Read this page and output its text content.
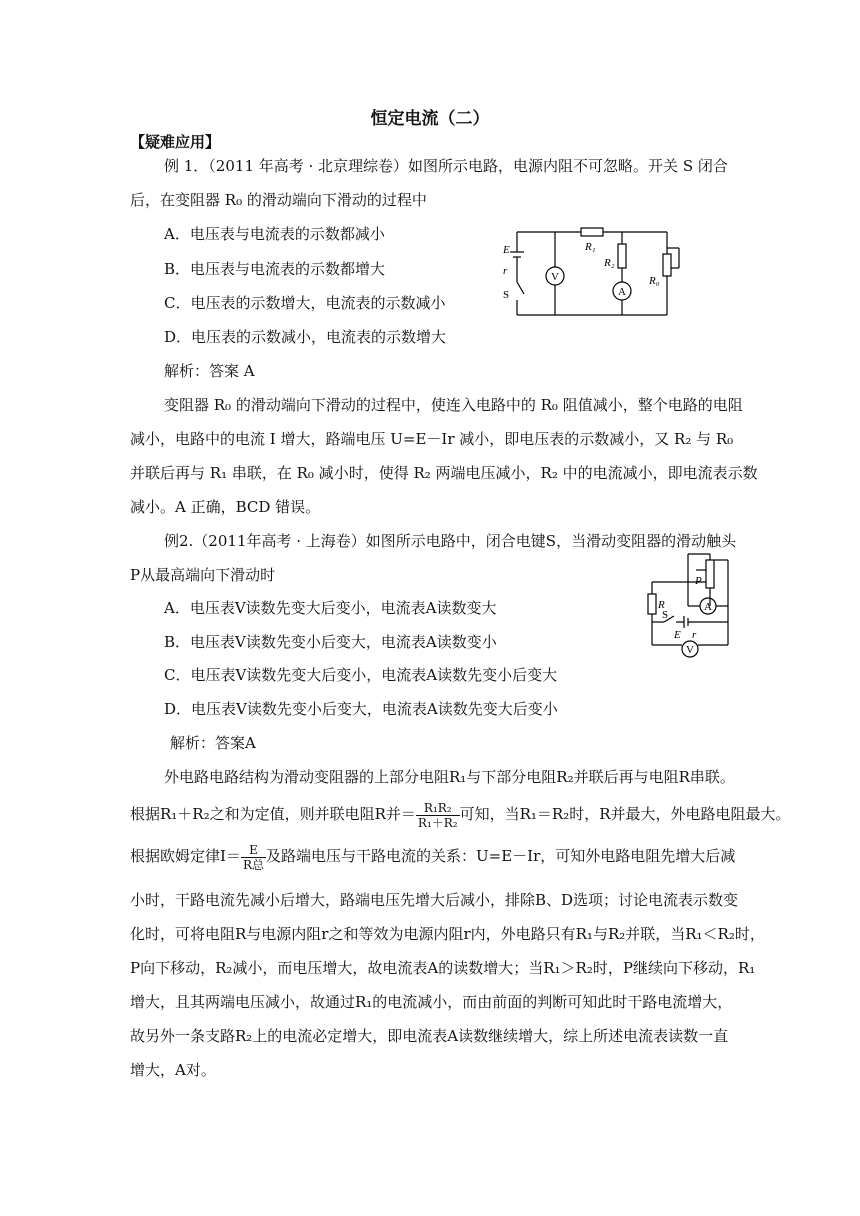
恒定电流（二）
【疑难应用】
例 1．（2011 年高考 · 北京理综卷）如图所示电路，电源内阻不可忽略。开关 S 闭合
后，在变阻器 R₀ 的滑动端向下滑动的过程中
A．电压表与电流表的示数都减小
B．电压表与电流表的示数都增大
C．电压表的示数增大，电流表的示数减小
D．电压表的示数减小，电流表的示数增大
解析：答案 A
变阻器 R₀ 的滑动端向下滑动的过程中，使连入电路中的 R₀ 阻值减小，整个电路的电阻
减小，电路中的电流 I 增大，路端电压 U=E－Ir 减小，即电压表的示数减小，又 R₂ 与 R₀
并联后再与 R₁ 串联，在 R₀ 减小时，使得 R₂ 两端电压减小，R₂ 中的电流减小，即电流表示数
减小。A 正确，BCD 错误。
E
r
S
V
A
R₁
R₂
R₀
例2.（2011年高考 · 上海卷）如图所示电路中，闭合电键S，当滑动变阻器的滑动触头
P从最高端向下滑动时
A．电压表V读数先变大后变小，电流表A读数变大
B．电压表V读数先变小后变大，电流表A读数变小
C．电压表V读数先变大后变小，电流表A读数先变小后变大
D．电压表V读数先变小后变大，电流表A读数先变大后变小
解析：答案A
外电路电路结构为滑动变阻器的上部分电阻R₁与下部分电阻R₂并联后再与电阻R串联。
根据R₁＋R₂之和为定值，则并联电阻R并＝ $\frac{\text{R₁R₂}}{\text{R₁＋R₂}}$ 可知，当R₁＝R₂时，R并最大，外电路电阻最大。
根据欧姆定律$I= \frac{E}{\text{R总}}$ 及路端电压与干路电流的关系：U=E－Ir，可知外电路电阻先增大后减
小时，干路电流先减小后增大，路端电压先增大后减小，排除B、D选项；讨论电流表示数变
化时，可将电阻R与电源内阻r之和等效为电源内阻r内，外电路只有R₁与R₂并联，当R₁＜R₂时，
P向下移动，R₂减小，而电压增大，故电流表A的读数增大；当R₁＞R₂时，P继续向下移动，R₁
增大，且其两端电压减小，故通过R₁的电流减小，而由前面的判断可知此时干路电流增大，
故另外一条支路R₂上的电流必定增大，即电流表A读数继续增大，综上所述电流表读数一直
增大，A对。
R
P
A
S
E r
V
